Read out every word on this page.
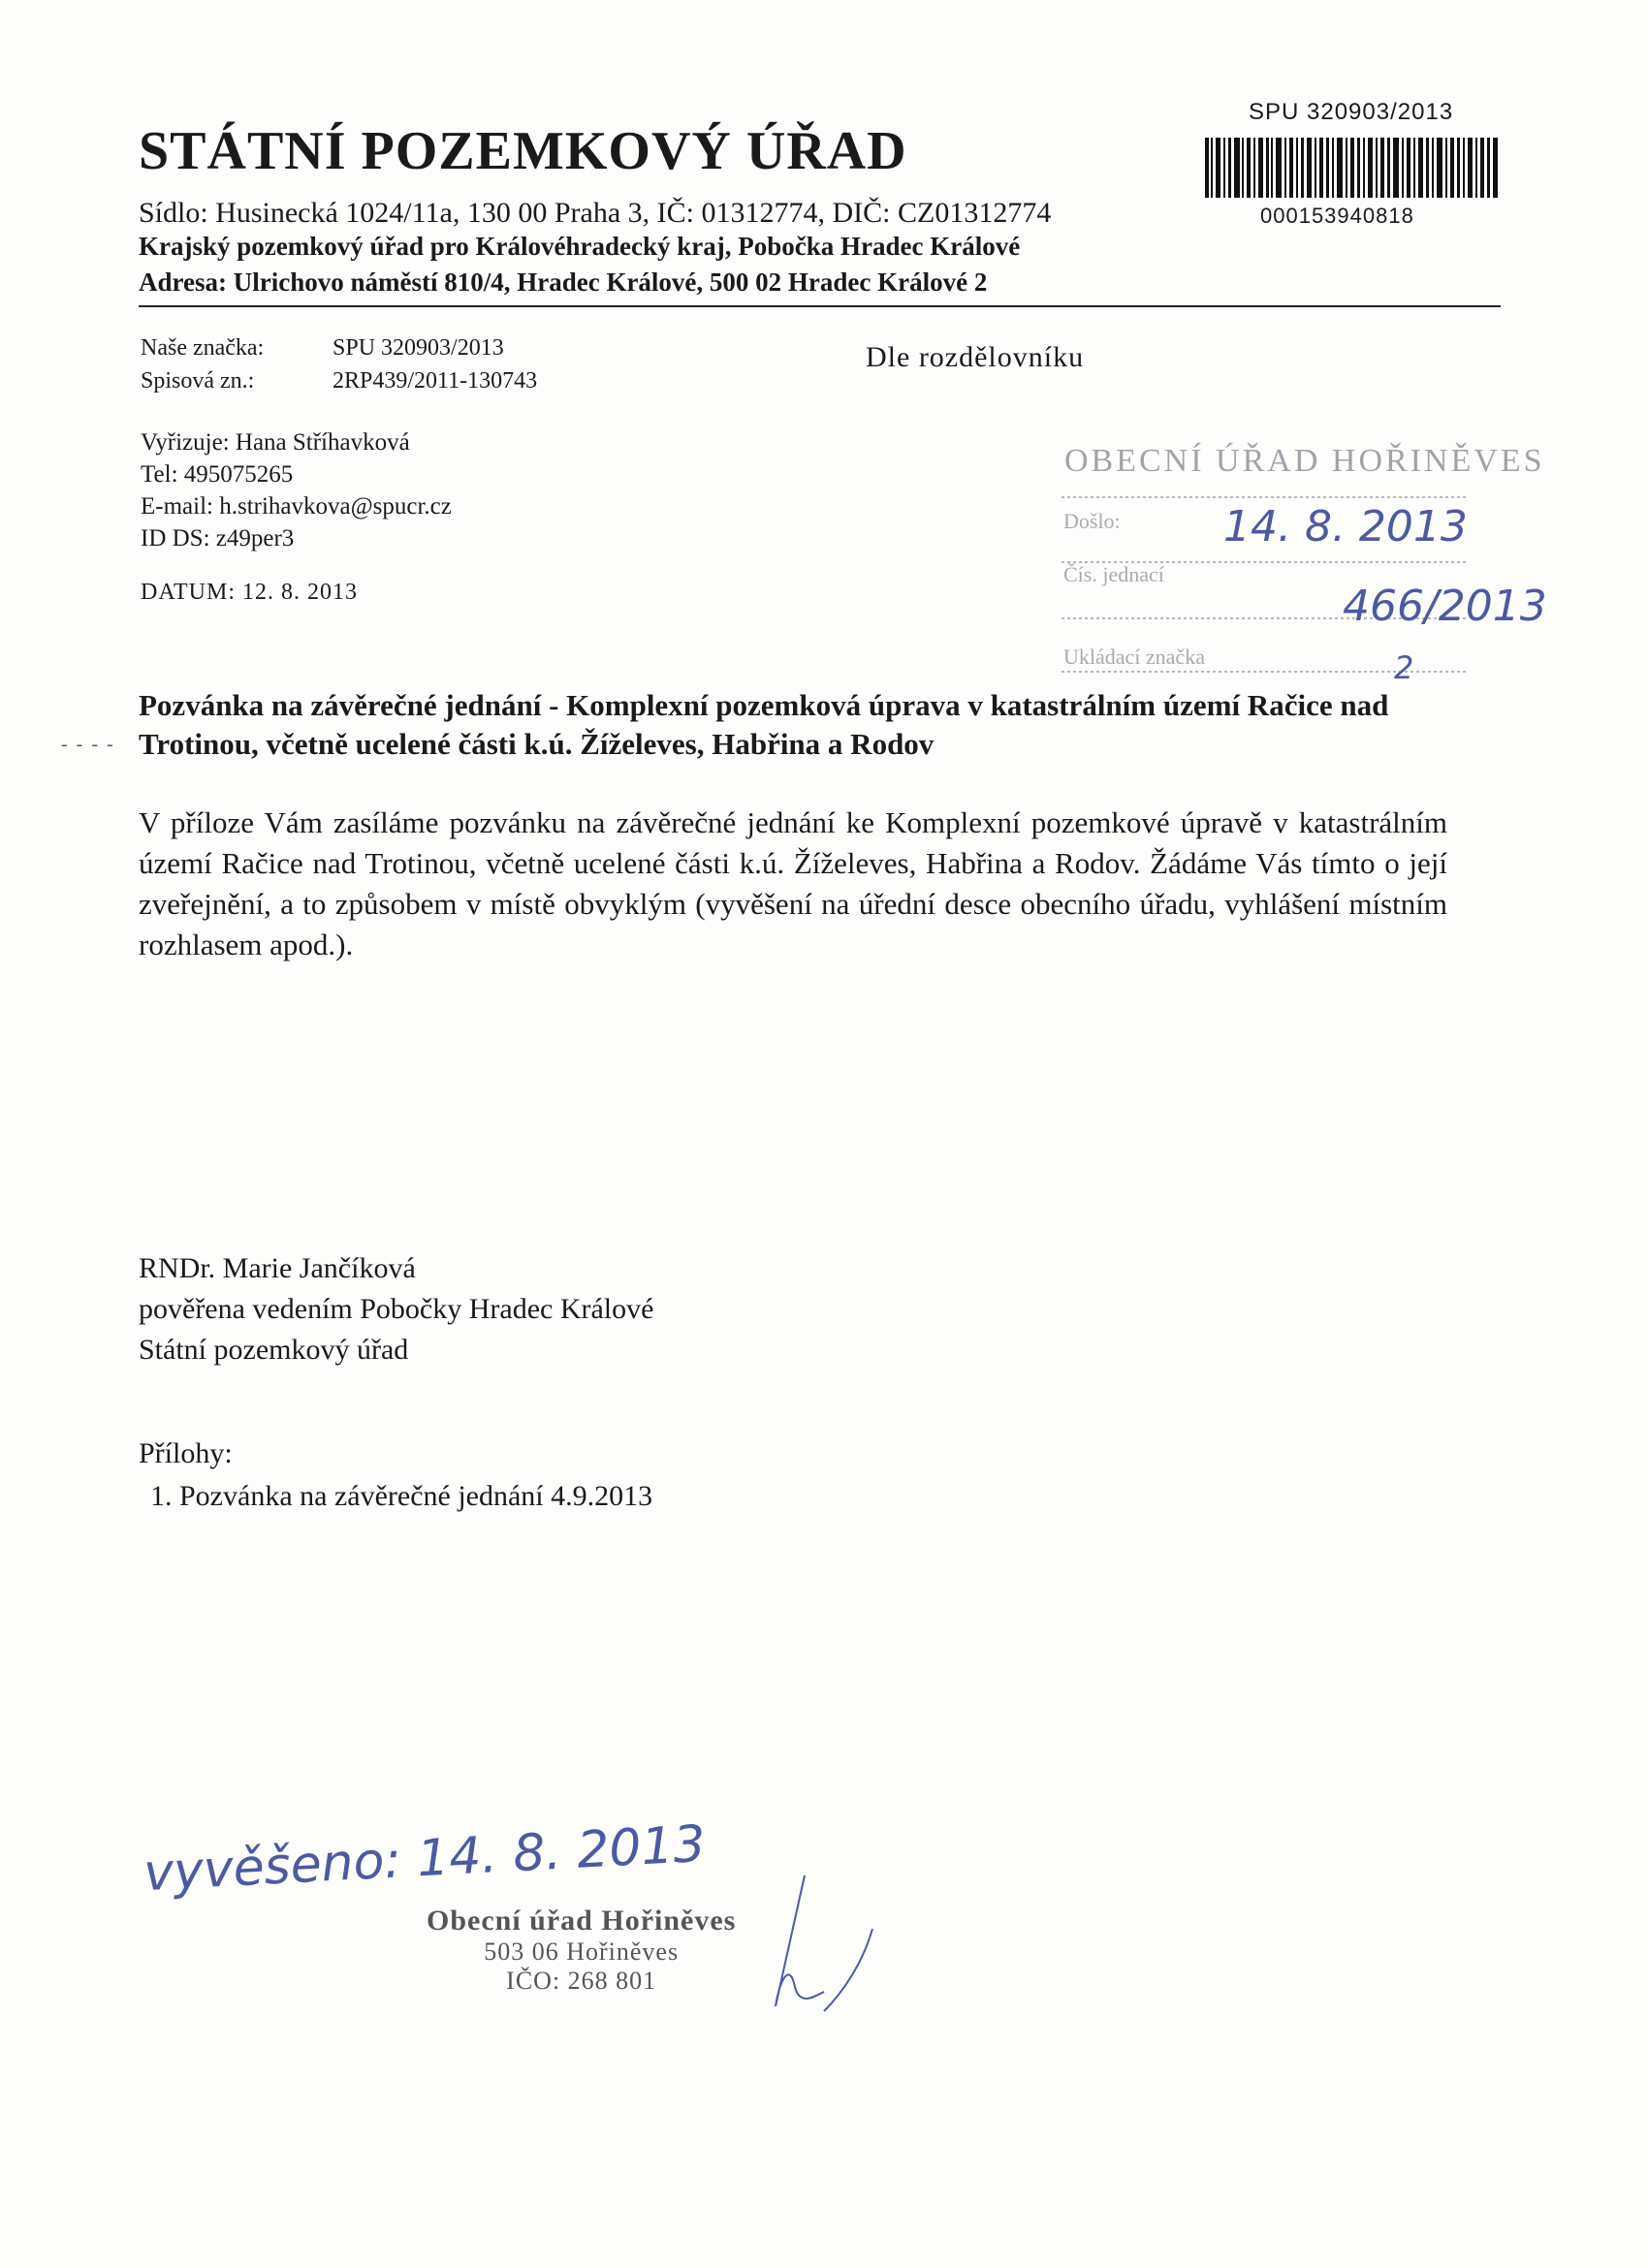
STÁTNÍ POZEMKOVÝ ÚŘAD
Sídlo: Husinecká 1024/11a, 130 00 Praha 3, IČ: 01312774, DIČ: CZ01312774
Krajský pozemkový úřad pro Královéhradecký kraj, Pobočka Hradec Králové
Adresa: Ulrichovo náměstí 810/4, Hradec Králové, 500 02 Hradec Králové 2
SPU 320903/2013
000153940818
Naše značka:	SPU 320903/2013
Spisová zn.:	2RP439/2011-130743
Dle rozdělovníku
Vyřizuje: Hana Stříhavková
Tel: 495075265
E-mail: h.strihavkova@spucr.cz
ID DS: z49per3
DATUM: 12. 8. 2013
OBECNÍ ÚŘAD HOŘINĚVES
Došlo: 14. 8. 2013
Čís. jednací
466/2013
Ukládací značka	2
- - - -
Pozvánka na závěrečné jednání - Komplexní pozemková úprava v katastrálním území Račice nad Trotinou, včetně ucelené části k.ú. Žíželeves, Habřina a Rodov
V příloze Vám zasíláme pozvánku na závěrečné jednání ke Komplexní pozemkové úpravě v katastrálním území Račice nad Trotinou, včetně ucelené části k.ú. Žíželeves, Habřina a Rodov. Žádáme Vás tímto o její zveřejnění, a to způsobem v místě obvyklým (vyvěšení na úřední desce obecního úřadu, vyhlášení místním rozhlasem apod.).
RNDr. Marie Jančíková
pověřena vedením Pobočky Hradec Králové
Státní pozemkový úřad
Přílohy:
1. Pozvánka na závěrečné jednání 4.9.2013
vyvěšeno: 14. 8. 2013
Obecní úřad Hořiněves
503 06 Hořiněves
IČO: 268 801
